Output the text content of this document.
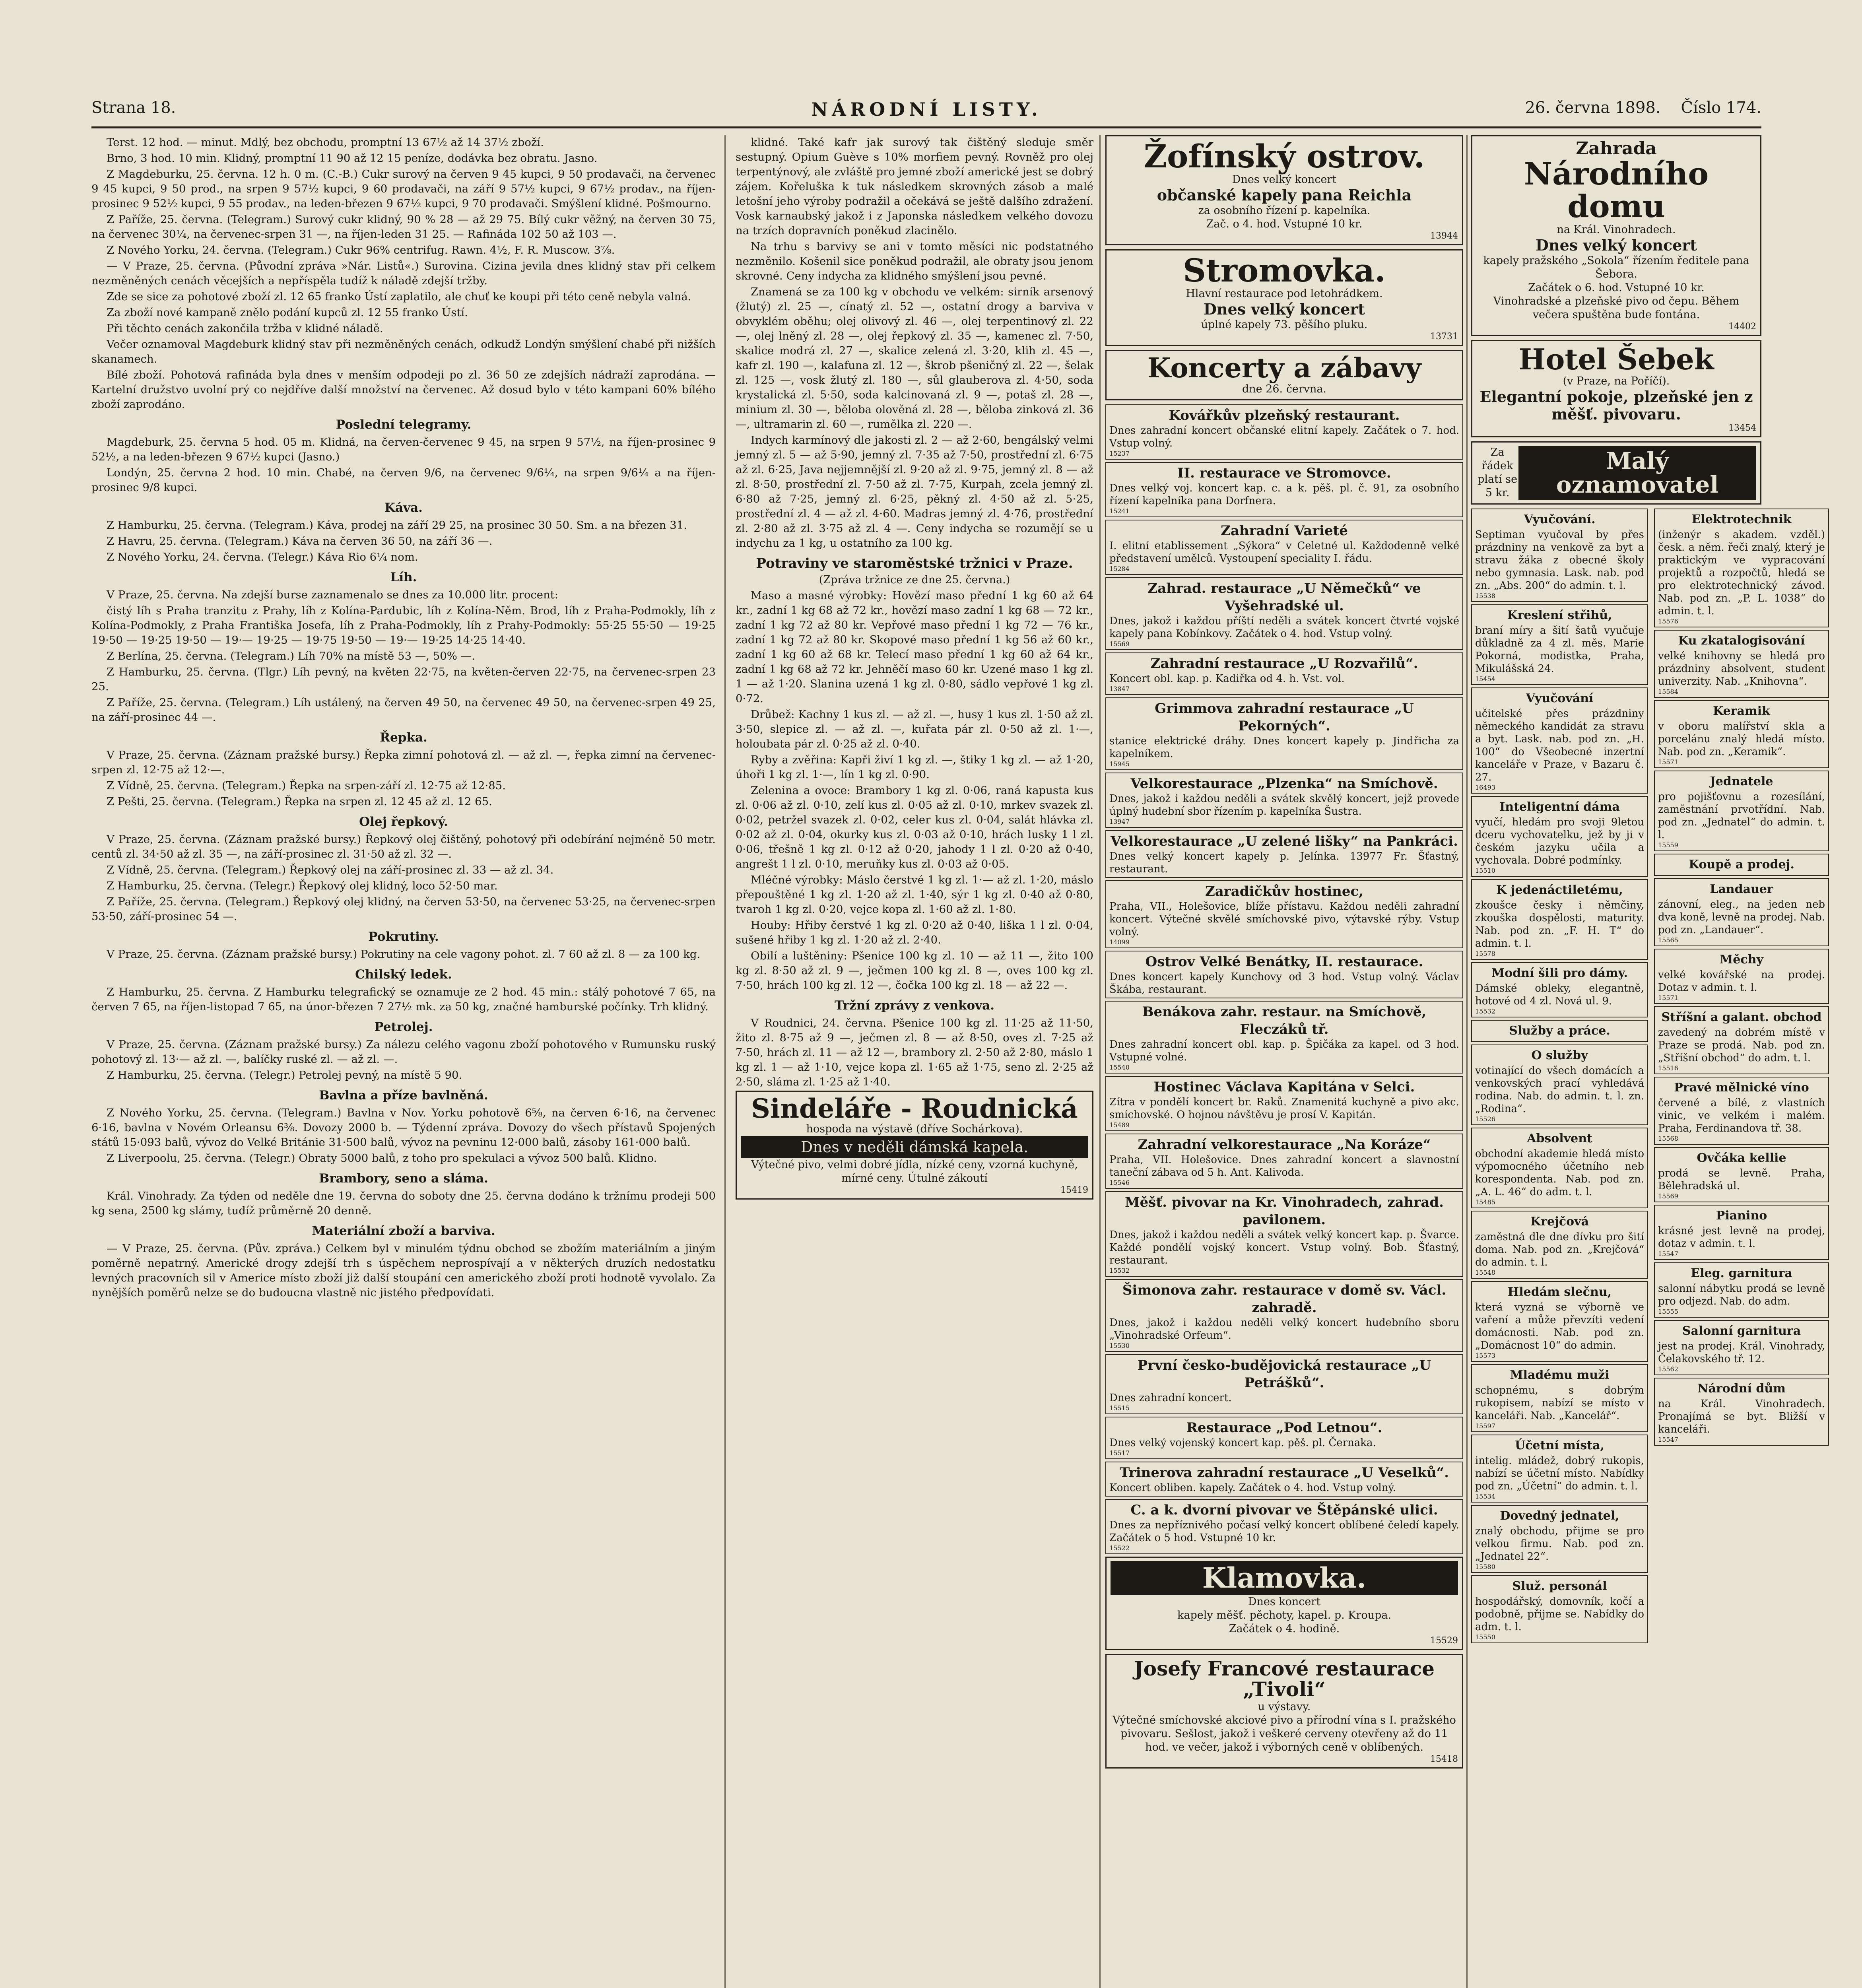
Strana 18.	NÁRODNÍ LISTY.	26. června 1898. Číslo 174.

Terst. 12 hod. — minut. Mdlý, bez obchodu, promptní 13 67½ až 14 37½ zboží.

Brno, 3 hod. 10 min. Klidný, promptní 11 90 až 12 15 peníze, dodávka bez obratu. Jasno.

Z Magdeburku, 25. června. 12 h. 0 m. (C.-B.) Cukr surový na červen 9 45 kupci, 9 50 prodavači, na červenec 9 45 kupci, 9 50 prod., na srpen 9 57½ kupci, 9 60 prodavači, na září 9 57½ kupci, 9 67½ prodav., na říjen-prosinec 9 52½ kupci, 9 55 prodav., na leden-březen 9 67½ kupci, 9 70 prodavači. Smýšlení klidné. Pošmourno.

Z Paříže, 25. června. (Telegram.) Surový cukr klidný, 90 % 28 — až 29 75. Bílý cukr věžný, na červen 30 75, na červenec 30¼, na červenec-srpen 31 —, na říjen-leden 31 25. — Rafináda 102 50 až 103 —.

Z Nového Yorku, 24. června. (Telegram.) Cukr 96% centrifug. Rawn. 4½, F. R. Muscow. 3⅞.

— V Praze, 25. června. (Původní zpráva »Nár. Listů«.) Surovina. Cizina jevila dnes klidný stav při celkem nezměněných cenách věcejších a nepříspěla tudíž k náladě zdejší tržby.

Zde se sice za pohotové zboží zl. 12 65 franko Ústí zaplatilo, ale chuť ke koupi při této ceně nebyla valná.

Za zboží nové kampaně znělo podání kupců zl. 12 55 franko Ústí.

Při těchto cenách zakončila tržba v klidné náladě.

Večer oznamoval Magdeburk klidný stav při nezměněných cenách, odkudž Londýn smýšlení chabé při nižších skanamech.

Bílé zboží. Pohotová rafináda byla dnes v menším odpodeji po zl. 36 50 ze zdejších nádraží zaprodána. — Kartelní družstvo uvolní prý co nejdříve další množství na červenec. Až dosud bylo v této kampani 60% bílého zboží zaprodáno.

Poslední telegramy.

Magdeburk, 25. června 5 hod. 05 m. Klidná, na červen-červenec 9 45, na srpen 9 57½, na říjen-prosinec 9 52½, a na leden-březen 9 67½ kupci (Jasno.)

Londýn, 25. června 2 hod. 10 min. Chabé, na červen 9/6, na červenec 9/6¼, na srpen 9/6¼ a na říjen-prosinec 9/8 kupci.

Káva.

Z Hamburku, 25. června. (Telegram.) Káva, prodej na září 29 25, na prosinec 30 50. Sm. a na březen 31.

Z Havru, 25. června. (Telegram.) Káva na červen 36 50, na září 36 —.

Z Nového Yorku, 24. června. (Telegr.) Káva Rio 6¼ nom.

Líh.

V Praze, 25. června. Na zdejší burse zaznamenalo se dnes za 10.000 litr. procent:

čistý líh s Praha tranzitu z Prahy, líh z Kolína-Pardubic, líh z Kolína-Něm. Brod, líh z Praha-Podmokly, líh z Kolína-Podmokly, z Praha Františka Josefa, líh z Praha-Podmokly, líh z Prahy-Podmokly: 55·25 55·50 — 19·25 19·50 — 19·25 19·50 — 19·— 19·25 — 19·75 19·50 — 19·— 19·25 14·25 14·40.

Z Berlína, 25. června. (Telegram.) Líh 70% na místě 53 —, 50% —.

Z Hamburku, 25. června. (Tlgr.) Líh pevný, na květen 22·75, na květen-červen 22·75, na červenec-srpen 23 25.

Z Paříže, 25. června. (Telegram.) Líh ustálený, na červen 49 50, na červenec 49 50, na červenec-srpen 49 25, na září-prosinec 44 —.

Řepka.

V Praze, 25. června. (Záznam pražské bursy.) Řepka zimní pohotová zl. — až zl. —, řepka zimní na červenec-srpen zl. 12·75 až 12·—.

Z Vídně, 25. června. (Telegram.) Řepka na srpen-září zl. 12·75 až 12·85.

Z Pešti, 25. června. (Telegram.) Řepka na srpen zl. 12 45 až zl. 12 65.

Olej řepkový.

V Praze, 25. června. (Záznam pražské bursy.) Řepkový olej čištěný, pohotový při odebírání nejméně 50 metr. centů zl. 34·50 až zl. 35 —, na září-prosinec zl. 31·50 až zl. 32 —.

Z Vídně, 25. června. (Telegram.) Řepkový olej na září-prosinec zl. 33 — až zl. 34.

Z Hamburku, 25. června. (Telegr.) Řepkový olej klidný, loco 52·50 mar.

Z Paříže, 25. června. (Telegram.) Řepkový olej klidný, na červen 53·50, na červenec 53·25, na červenec-srpen 53·50, září-prosinec 54 —.

Pokrutiny.

V Praze, 25. června. (Záznam pražské bursy.) Pokrutiny na cele vagony pohot. zl. 7 60 až zl. 8 — za 100 kg.

Chilský ledek.

Z Hamburku, 25. června. Z Hamburku telegrafický se oznamuje ze 2 hod. 45 min.: stálý pohotové 7 65, na červen 7 65, na říjen-listopad 7 65, na únor-březen 7 27½ mk. za 50 kg, značné hamburské počínky. Trh klidný.

Petrolej.

V Praze, 25. června. (Záznam pražské bursy.) Za nálezu celého vagonu zboží pohotového v Rumunsku ruský pohotový zl. 13·— až zl. —, balíčky ruské zl. — až zl. —.

Z Hamburku, 25. června. (Telegr.) Petrolej pevný, na místě 5 90.

Bavlna a příze bavlněná.

Z Nového Yorku, 25. června. (Telegram.) Bavlna v Nov. Yorku pohotově 6⅝, na červen 6·16, na červenec 6·16, bavlna v Novém Orleansu 6⅜. Dovozy 2000 b. — Týdenní zpráva. Dovozy do všech přístavů Spojených států 15·093 balů, vývoz do Velké Británie 31·500 balů, vývoz na pevninu 12·000 balů, zásoby 161·000 balů.

Z Liverpoolu, 25. června. (Telegr.) Obraty 5000 balů, z toho pro spekulaci a vývoz 500 balů. Klidno.

Brambory, seno a sláma.

Král. Vinohrady. Za týden od neděle dne 19. června do soboty dne 25. června dodáno k tržnímu prodeji 500 kg sena, 2500 kg slámy, tudíž průměrně 20 denně.

Materiální zboží a barviva.

— V Praze, 25. června. (Pův. zpráva.) Celkem byl v minulém týdnu obchod se zbožím materiálním a jiným poměrně nepatrný. Americké drogy zdejší trh s úspěchem neprospívají a v některých druzích nedostatku levných pracovních sil v Americe místo zboží již další stoupání cen amerického zboží proti hodnotě vyvolalo. Za nynějších poměrů nelze se do budoucna vlastně nic jistého předpovídati.

klidné. Také kafr jak surový tak čištěný sleduje směr sestupný. Opium Guève s 10% morfiem pevný. Rovněž pro olej terpentýnový, ale zvláště pro jemné zboží americké jest se dobrý zájem. Kořeluška k tuk následkem skrovných zásob a malé letošní jeho výroby podražil a očekává se ještě dalšího zdražení. Vosk karnaubský jakož i z Japonska následkem velkého dovozu na trzích dopravních poněkud zlacinělo.

Na trhu s barvivy se ani v tomto měsíci nic podstatného nezměnilo. Košenil sice poněkud podražil, ale obraty jsou jenom skrovné. Ceny indycha za klidného smýšlení jsou pevné.

Znamená se za 100 kg v obchodu ve velkém: sirník arsenový (žlutý) zl. 25 —, cínatý zl. 52 —, ostatní drogy a barviva v obvyklém oběhu; olej olivový zl. 46 —, olej terpentinový zl. 22 —, olej lněný zl. 28 —, olej řepkový zl. 35 —, kamenec zl. 7·50, skalice modrá zl. 27 —, skalice zelená zl. 3·20, klih zl. 45 —, kafr zl. 190 —, kalafuna zl. 12 —, škrob pšeničný zl. 22 —, šelak zl. 125 —, vosk žlutý zl. 180 —, sůl glauberova zl. 4·50, soda krystalická zl. 5·50, soda kalcinovaná zl. 9 —, potaš zl. 28 —, minium zl. 30 —, běloba olověná zl. 28 —, běloba zinková zl. 36 —, ultramarin zl. 60 —, rumělka zl. 220 —.

Indych karmínový dle jakosti zl. 2 — až 2·60, bengálský velmi jemný zl. 5 — až 5·90, jemný zl. 7·35 až 7·50, prostřední zl. 6·75 až zl. 6·25, Java nejjemnější zl. 9·20 až zl. 9·75, jemný zl. 8 — až zl. 8·50, prostřední zl. 7·50 až zl. 7·75, Kurpah, zcela jemný zl. 6·80 až 7·25, jemný zl. 6·25, pěkný zl. 4·50 až zl. 5·25, prostřední zl. 4 — až zl. 4·60. Madras jemný zl. 4·76, prostřední zl. 2·80 až zl. 3·75 až zl. 4 —. Ceny indycha se rozumějí se u indychu za 1 kg, u ostatního za 100 kg.

Potraviny ve staroměstské tržnici v Praze.
(Zpráva tržnice ze dne 25. června.)

Maso a masné výrobky: Hovězí maso přední 1 kg 60 až 64 kr., zadní 1 kg 68 až 72 kr., hovězí maso zadní 1 kg 68 — 72 kr., zadní 1 kg 72 až 80 kr. Vepřové maso přední 1 kg 72 — 76 kr., zadní 1 kg 72 až 80 kr. Skopové maso přední 1 kg 56 až 60 kr., zadní 1 kg 60 až 68 kr. Telecí maso přední 1 kg 60 až 64 kr., zadní 1 kg 68 až 72 kr. Jehněčí maso 60 kr. Uzené maso 1 kg zl. 1 — až 1·20. Slanina uzená 1 kg zl. 0·80, sádlo vepřové 1 kg zl. 0·72.

Drůbež: Kachny 1 kus zl. — až zl. —, husy 1 kus zl. 1·50 až zl. 3·50, slepice zl. — až zl. —, kuřata pár zl. 0·50 až zl. 1·—, holoubata pár zl. 0·25 až zl. 0·40.

Ryby a zvěřina: Kapři živí 1 kg zl. —, štiky 1 kg zl. — až 1·20, úhoři 1 kg zl. 1·—, lín 1 kg zl. 0·90.

Zelenina a ovoce: Brambory 1 kg zl. 0·06, raná kapusta kus zl. 0·06 až zl. 0·10, zelí kus zl. 0·05 až zl. 0·10, mrkev svazek zl. 0·02, petržel svazek zl. 0·02, celer kus zl. 0·04, salát hlávka zl. 0·02 až zl. 0·04, okurky kus zl. 0·03 až 0·10, hrách lusky 1 l zl. 0·06, třešně 1 kg zl. 0·12 až 0·20, jahody 1 l zl. 0·20 až 0·40, angrešt 1 l zl. 0·10, meruňky kus zl. 0·03 až 0·05.

Mléčné výrobky: Máslo čerstvé 1 kg zl. 1·— až zl. 1·20, máslo přepouštěné 1 kg zl. 1·20 až zl. 1·40, sýr 1 kg zl. 0·40 až 0·80, tvaroh 1 kg zl. 0·20, vejce kopa zl. 1·60 až zl. 1·80.

Houby: Hřiby čerstvé 1 kg zl. 0·20 až 0·40, liška 1 l zl. 0·04, sušené hřiby 1 kg zl. 1·20 až zl. 2·40.

Obilí a luštěniny: Pšenice 100 kg zl. 10 — až 11 —, žito 100 kg zl. 8·50 až zl. 9 —, ječmen 100 kg zl. 8 —, oves 100 kg zl. 7·50, hrách 100 kg zl. 12 —, čočka 100 kg zl. 18 — až 22 —.

Tržní zprávy z venkova.

V Roudnici, 24. června. Pšenice 100 kg zl. 11·25 až 11·50, žito zl. 8·75 až 9 —, ječmen zl. 8 — až 8·50, oves zl. 7·25 až 7·50, hrách zl. 11 — až 12 —, brambory zl. 2·50 až 2·80, máslo 1 kg zl. 1 — až 1·10, vejce kopa zl. 1·65 až 1·75, seno zl. 2·25 až 2·50, sláma zl. 1·25 až 1·40.

Sindeláře - Roudnická
hospoda na výstavě (dříve Sochárkova).
Dnes v neděli dámská kapela.
Výtečné pivo, velmi dobré jídla, nízké ceny, vzorná kuchyně, mírné ceny. Útulné zákoutí
15419
Žofínský ostrov.
Dnes velký koncert
občanské kapely pana Reichla
za osobního řízení p. kapelníka.
Zač. o 4. hod. Vstupné 10 kr.
13944
Stromovka.
Hlavní restaurace pod letohrádkem.
Dnes velký koncert
úplné kapely 73. pěšího pluku.
13731
Koncerty a zábavy
dne 26. června.
Kovářkův plzeňský restaurant.
Dnes zahradní koncert občanské elitní kapely. Začátek o 7. hod. Vstup volný.
15237
II. restaurace ve Stromovce.
Dnes velký voj. koncert kap. c. a k. pěš. pl. č. 91, za osobního řízení kapelníka pana Dorfnera.
15241
Zahradní Varieté
I. elitní etablissement „Sýkora“ v Celetné ul. Každodenně velké představení umělců. Vystoupení speciality I. řádu.
15284
Zahrad. restaurace „U Němečků“ ve Vyšehradské ul.
Dnes, jakož i každou příští neděli a svátek koncert čtvrté vojské kapely pana Kobínkovy. Začátek o 4. hod. Vstup volný.
15569
Zahradní restaurace „U Rozvařilů“.
Koncert obl. kap. p. Kadiřka od 4. h. Vst. vol.
13847
Grimmova zahradní restaurace „U Pekorných“.
stanice elektrické dráhy. Dnes koncert kapely p. Jindřicha za kapelníkem.
15945
Velkorestaurace „Plzenka“ na Smíchově.
Dnes, jakož i každou neděli a svátek skvělý koncert, jejž provede úplný hudební sbor řízením p. kapelníka Šustra.
13947
Velkorestaurace „U zelené lišky“ na Pankráci.
Dnes velký koncert kapely p. Jelínka. 13977 Fr. Šťastný, restaurant.
Zaradičkův hostinec,
Praha, VII., Holešovice, blíže přístavu. Každou neděli zahradní koncert. Výtečné skvělé smíchovské pivo, výtavské rýby. Vstup volný.
14099
Ostrov Velké Benátky, II. restaurace.
Dnes koncert kapely Kunchovy od 3 hod. Vstup volný. Václav Škába, restaurant.
Benákova zahr. restaur. na Smíchově, Fleczáků tř.
Dnes zahradní koncert obl. kap. p. Špičáka za kapel. od 3 hod. Vstupné volné.
15540
Hostinec Václava Kapitána v Selci.
Zítra v pondělí koncert br. Raků. Znamenitá kuchyně a pivo akc. smíchovské. O hojnou návštěvu je prosí V. Kapitán.
15489
Zahradní velkorestaurace „Na Koráze“
Praha, VII. Holešovice. Dnes zahradní koncert a slavnostní taneční zábava od 5 h. Ant. Kalivoda.
15546
Měšť. pivovar na Kr. Vinohradech, zahrad. pavilonem.
Dnes, jakož i každou neděli a svátek velký koncert kap. p. Švarce. Každé pondělí vojský koncert. Vstup volný. Bob. Šťastný, restaurant.
15532
Šimonova zahr. restaurace v domě sv. Václ. zahradě.
Dnes, jakož i každou neděli velký koncert hudebního sboru „Vinohradské Orfeum“.
15530
První česko-budějovická restaurace „U Petrášků“.
Dnes zahradní koncert.
15515
Restaurace „Pod Letnou“.
Dnes velký vojenský koncert kap. pěš. pl. Černaka.
15517
Trinerova zahradní restaurace „U Veselků“.
Koncert obliben. kapely. Začátek o 4. hod. Vstup volný.
C. a k. dvorní pivovar ve Štěpánské ulici.
Dnes za nepříznivého počasí velký koncert oblíbené čeledí kapely. Začátek o 5 hod. Vstupné 10 kr.
15522
Klamovka.
Dnes koncert
kapely měšť. pěchoty, kapel. p. Kroupa.
Začátek o 4. hodině.
15529
Josefy Francové restaurace „Tivoli“
u výstavy.
Výtečné smíchovské akciové pivo a přírodní vína s I. pražského pivovaru. Sešlost, jakož i veškeré cerveny otevřeny až do 11 hod. ve večer, jakož i výborných ceně v oblíbených.
15418
Zahrada
Národního domu
na Král. Vinohradech.
Dnes velký koncert
kapely pražského „Sokola“ řízením ředitele pana Šebora.
Začátek o 6. hod. Vstupné 10 kr.
Vinohradské a plzeňské pivo od čepu. Během večera spuštěna bude fontána.
14402
Hotel Šebek
(v Praze, na Poříčí).
Elegantní pokoje, plzeňské jen z měšť. pivovaru.
13454
Za řádek
platí se
5 kr.
Malý oznamovatel
Vyučování.
Septiman vyučoval by přes prázdniny na venkově za byt a stravu žáka z obecné školy nebo gymnasia. Lask. nab. pod zn. „Abs. 200“ do admin. t. l.
15538
Kreslení střihů,
braní míry a šití šatů vyučuje důkladně za 4 zl. měs. Marie Pokorná, modistka, Praha, Mikulášská 24.
15454
Vyučování
učitelské přes prázdniny německého kandidát za stravu a byt. Lask. nab. pod zn. „H. 100“ do Všeobecné inzertní kanceláře v Praze, v Bazaru č. 27.
16493
Inteligentní dáma
vyučí, hledám pro svoji 9letou dceru vychovatelku, jež by ji v českém jazyku učila a vychovala. Dobré podmínky.
15510
K jedenáctiletému,
zkoušce česky i němčiny, zkouška dospělosti, maturity. Nab. pod zn. „F. H. T“ do admin. t. l.
15578
Modní šili pro dámy.
Dámské obleky, elegantně, hotové od 4 zl. Nová ul. 9.
15532
Služby a práce.
O služby
votinající do všech domácích a venkovských prací vyhledává rodina. Nab. do admin. t. l. zn. „Rodina“.
15526
Absolvent
obchodní akademie hledá místo výpomocného účetního neb korespondenta. Nab. pod zn. „A. L. 46“ do adm. t. l.
15485
Krejčová
zaměstná dle dne dívku pro šití doma. Nab. pod zn. „Krejčová“ do admin. t. l.
15548
Hledám slečnu,
která vyzná se výborně ve vaření a může převzíti vedení domácnosti. Nab. pod zn. „Domácnost 10“ do admin.
15573
Mladému muži
schopnému, s dobrým rukopisem, nabízí se místo v kanceláři. Nab. „Kancelář“.
15597
Účetní místa,
intelig. mládež, dobrý rukopis, nabízí se účetní místo. Nabídky pod zn. „Účetní“ do admin. t. l.
15534
Dovedný jednatel,
znalý obchodu, přijme se pro velkou firmu. Nab. pod zn. „Jednatel 22“.
15580
Služ. personál
hospodářský, domovník, kočí a podobně, přijme se. Nabídky do adm. t. l.
15550
Elektrotechnik
(inženýr s akadem. vzděl.) česk. a něm. řeči znalý, který je praktickým ve vypracování projektů a rozpočtů, hledá se pro elektrotechnický závod. Nab. pod zn. „P. L. 1038“ do admin. t. l.
15576
Ku zkatalogisování
velké knihovny se hledá pro prázdniny absolvent, student univerzity. Nab. „Knihovna“.
15584
Keramik
v oboru malířství skla a porcelánu znalý hledá místo. Nab. pod zn. „Keramik“.
15571
Jednatele
pro pojišťovnu a rozesílání, zaměstnání prvotřídní. Nab. pod zn. „Jednatel“ do admin. t. l.
15559
Koupě a prodej.
Landauer
zánovní, eleg., na jeden neb dva koně, levně na prodej. Nab. pod zn. „Landauer“.
15565
Měchy
velké kovářské na prodej. Dotaz v admin. t. l.
15571
Stříšní a galant. obchod
zavedený na dobrém místě v Praze se prodá. Nab. pod zn. „Stříšní obchod“ do adm. t. l.
15516
Pravé mělnické víno
červené a bílé, z vlastních vinic, ve velkém i malém. Praha, Ferdinandova tř. 38.
15568
Ovčáka kellie
prodá se levně. Praha, Bělehradská ul.
15569
Pianino
krásné jest levně na prodej, dotaz v admin. t. l.
15547
Eleg. garnitura
salonní nábytku prodá se levně pro odjezd. Nab. do adm.
15555
Salonní garnitura
jest na prodej. Král. Vinohrady, Čelakovského tř. 12.
15562
Národní dům
na Král. Vinohradech. Pronajímá se byt. Bližší v kanceláři.
15547
